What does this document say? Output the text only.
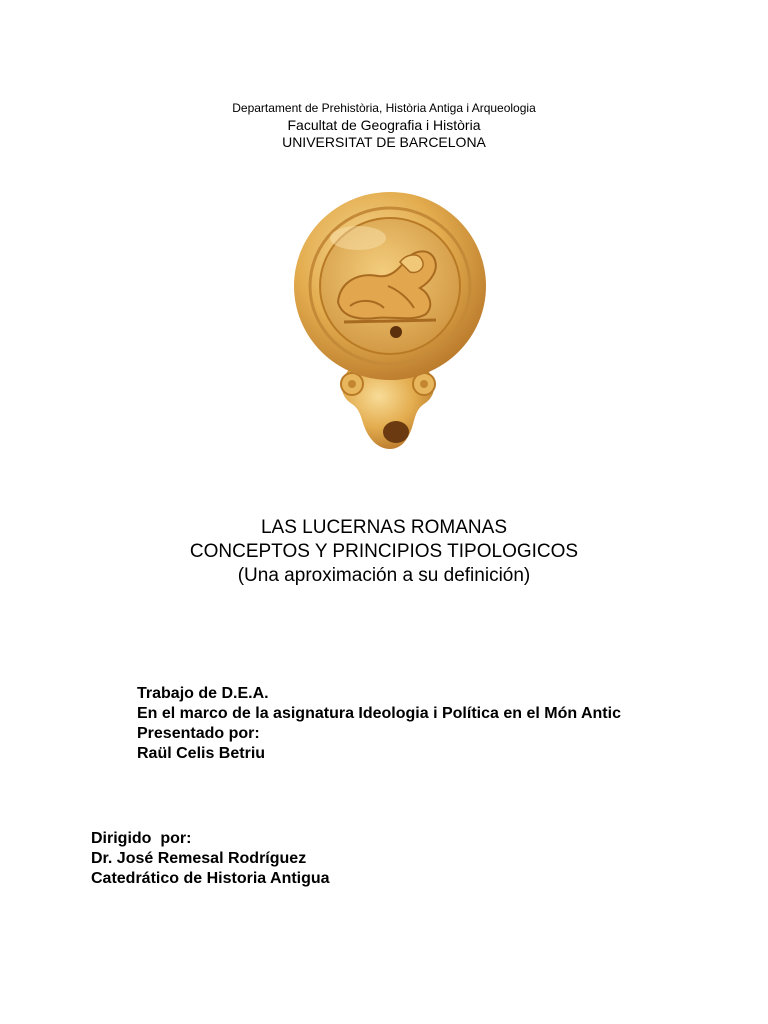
Departament de Prehistòria, Història Antiga i Arqueologia
Facultat de Geografia i Història
UNIVERSITAT DE BARCELONA
LAS LUCERNAS ROMANAS
CONCEPTOS Y PRINCIPIOS TIPOLOGICOS
(Una aproximación a su definición)
Trabajo de D.E.A.
En el marco de la asignatura Ideologia i Política en el Món Antic
Presentado por:
Raül Celis Betriu
Dirigido  por:
Dr. José Remesal Rodríguez
Catedrático de Historia Antigua
